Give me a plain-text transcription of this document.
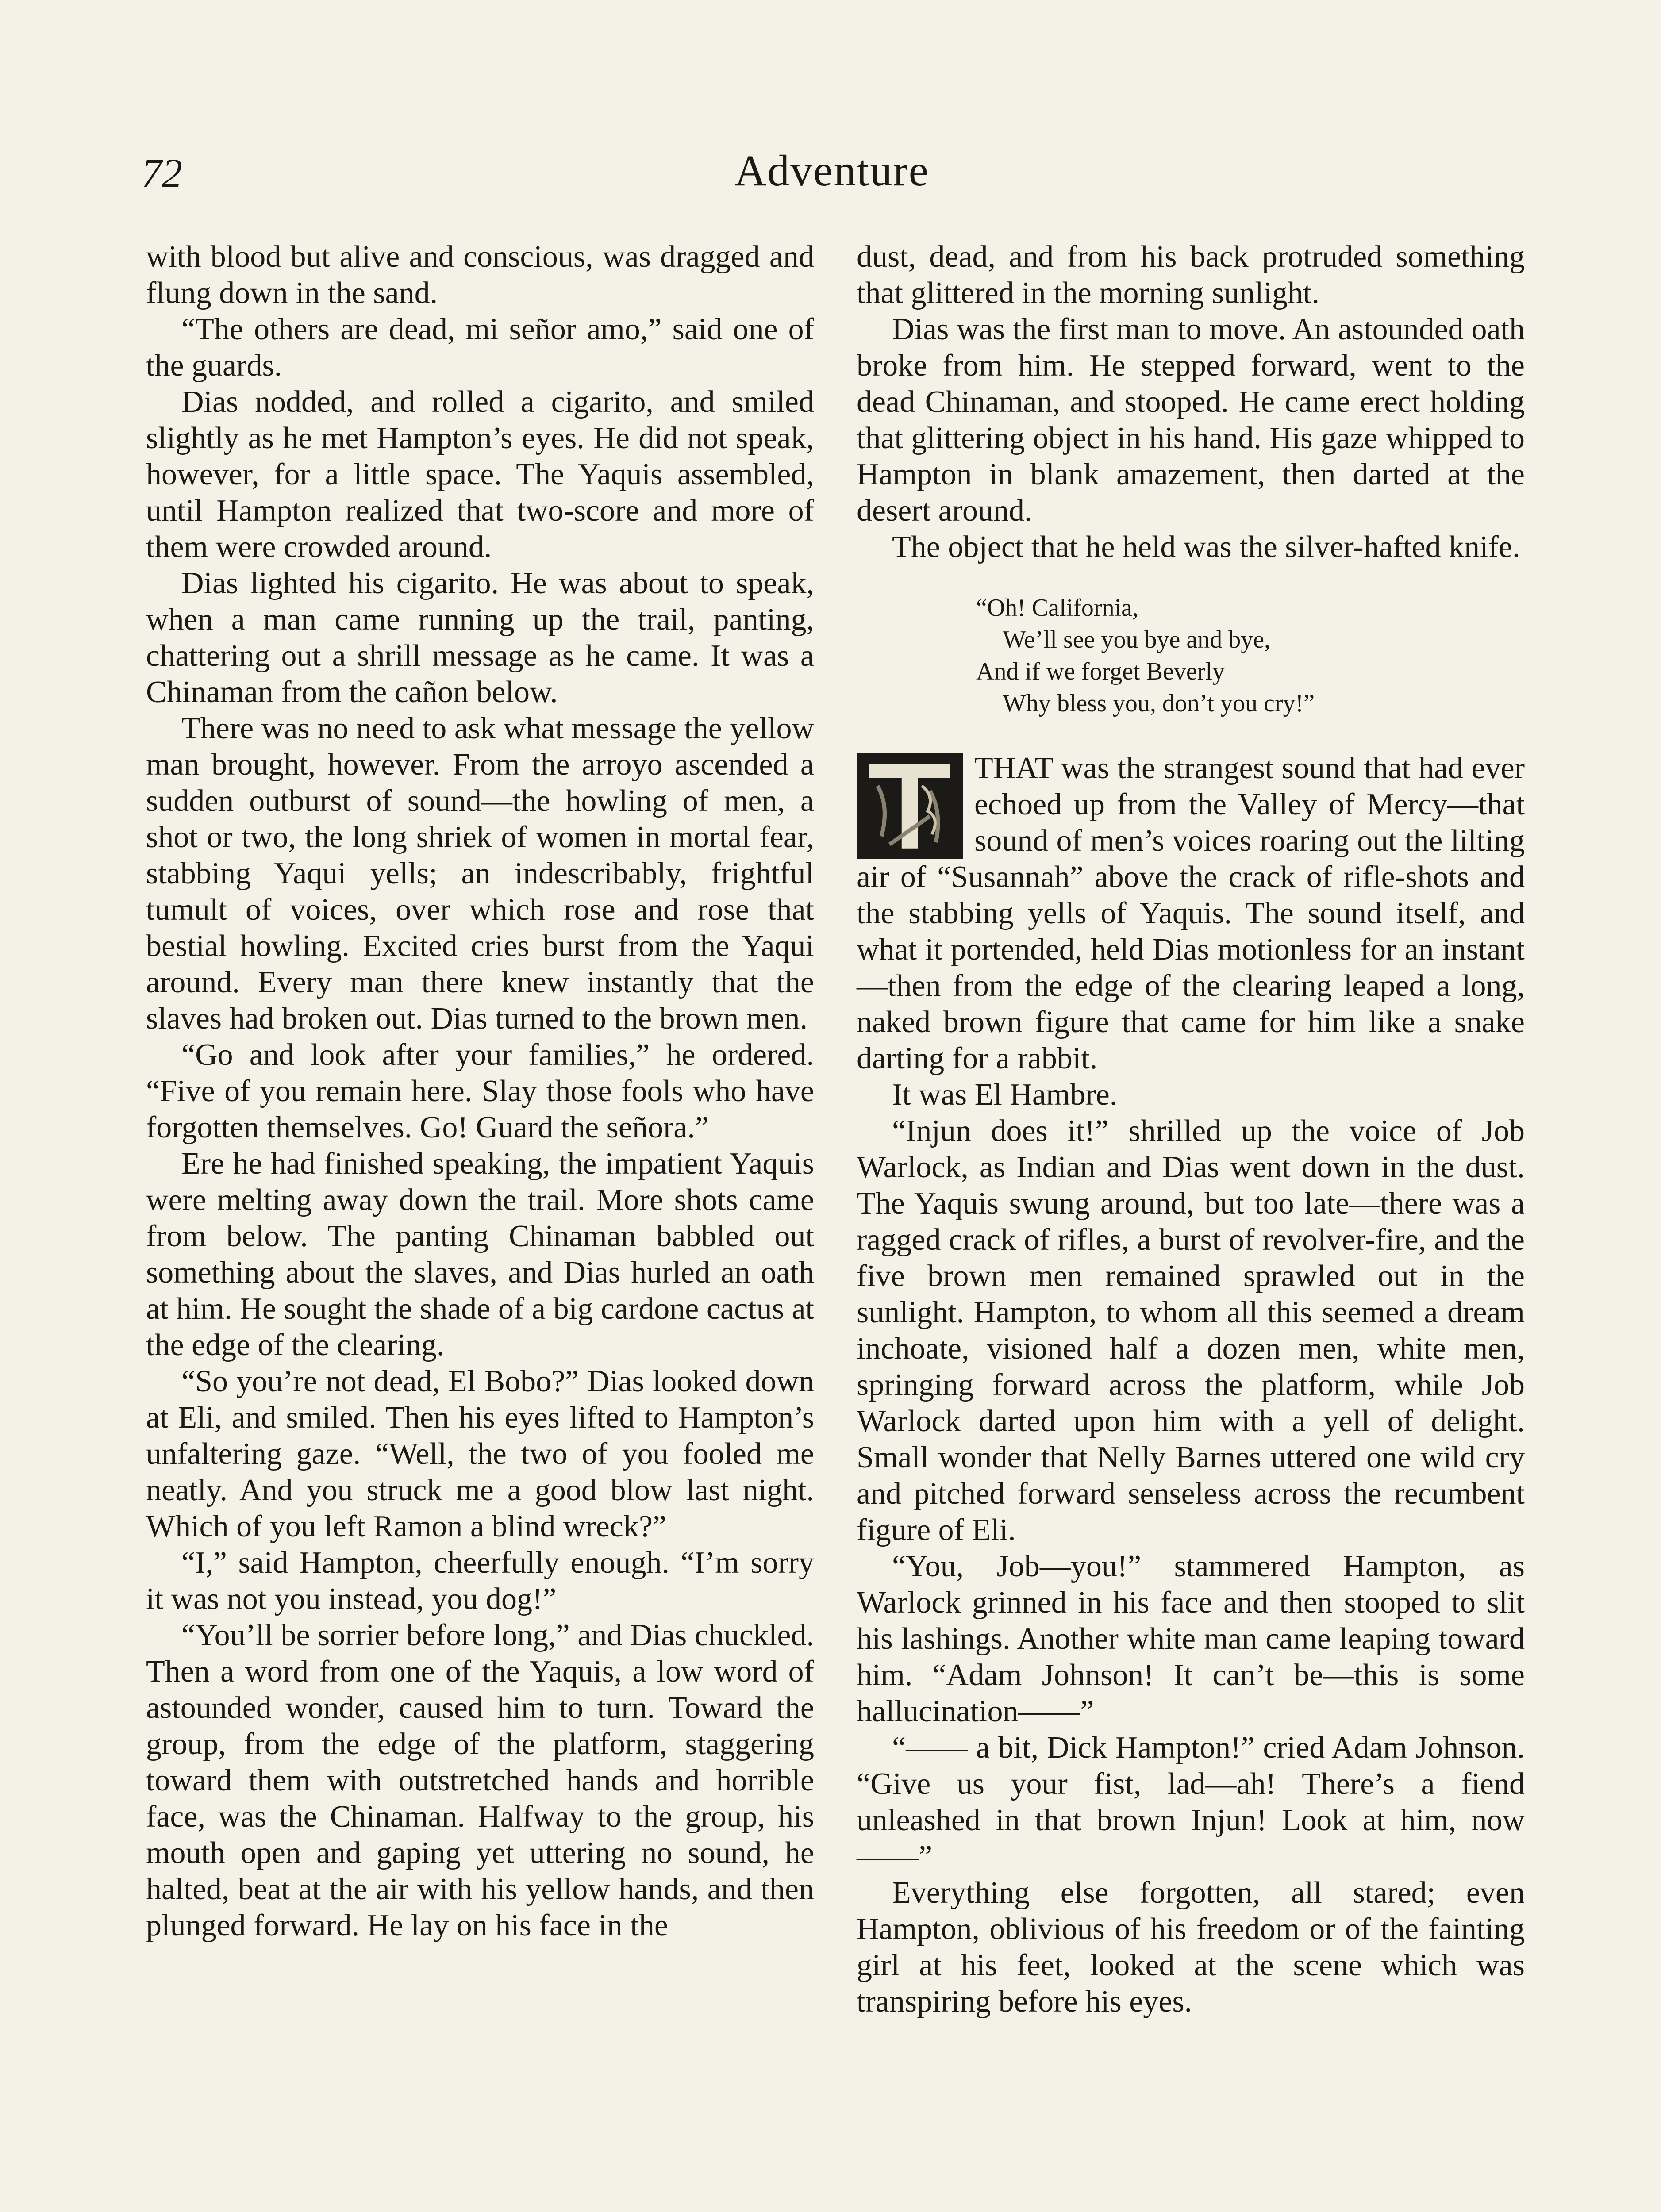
72	Adventure

with blood but alive and conscious, was dragged and flung down in the sand.

“The others are dead, mi señor amo,” said one of the guards.

Dias nodded, and rolled a cigarito, and smiled slightly as he met Hampton’s eyes. He did not speak, however, for a little space. The Yaquis assembled, until Hampton realized that two-score and more of them were crowded around.

Dias lighted his cigarito. He was about to speak, when a man came running up the trail, panting, chattering out a shrill message as he came. It was a Chinaman from the cañon below.

There was no need to ask what message the yellow man brought, however. From the arroyo ascended a sudden outburst of sound—the howling of men, a shot or two, the long shriek of women in mortal fear, stabbing Yaqui yells; an indescribably, frightful tumult of voices, over which rose and rose that bestial howling. Excited cries burst from the Yaqui around. Every man there knew instantly that the slaves had broken out. Dias turned to the brown men.

“Go and look after your families,” he ordered. “Five of you remain here. Slay those fools who have forgotten themselves. Go! Guard the señora.”

Ere he had finished speaking, the impatient Yaquis were melting away down the trail. More shots came from below. The panting Chinaman babbled out something about the slaves, and Dias hurled an oath at him. He sought the shade of a big cardone cactus at the edge of the clearing.

“So you’re not dead, El Bobo?” Dias looked down at Eli, and smiled. Then his eyes lifted to Hampton’s unfaltering gaze. “Well, the two of you fooled me neatly. And you struck me a good blow last night. Which of you left Ramon a blind wreck?”

“I,” said Hampton, cheerfully enough. “I’m sorry it was not you instead, you dog!”

“You’ll be sorrier before long,” and Dias chuckled. Then a word from one of the Yaquis, a low word of astounded wonder, caused him to turn. Toward the group, from the edge of the platform, staggering toward them with outstretched hands and horrible face, was the Chinaman. Halfway to the group, his mouth open and gaping yet uttering no sound, he halted, beat at the air with his yellow hands, and then plunged forward. He lay on his face in the

dust, dead, and from his back protruded something that glittered in the morning sunlight.

Dias was the first man to move. An astounded oath broke from him. He stepped forward, went to the dead Chinaman, and stooped. He came erect holding that glittering object in his hand. His gaze whipped to Hampton in blank amazement, then darted at the desert around.

The object that he held was the silver-hafted knife.

“Oh! California,
We’ll see you bye and bye,
And if we forget Beverly
Why bless you, don’t you cry!”

THAT was the strangest sound that had ever echoed up from the Valley of Mercy—that sound of men’s voices roaring out the lilting air of “Susannah” above the crack of rifle-shots and the stabbing yells of Yaquis. The sound itself, and what it portended, held Dias motionless for an instant—then from the edge of the clearing leaped a long, naked brown figure that came for him like a snake darting for a rabbit.

It was El Hambre.

“Injun does it!” shrilled up the voice of Job Warlock, as Indian and Dias went down in the dust. The Yaquis swung around, but too late—there was a ragged crack of rifles, a burst of revolver-fire, and the five brown men remained sprawled out in the sunlight. Hampton, to whom all this seemed a dream inchoate, visioned half a dozen men, white men, springing forward across the platform, while Job Warlock darted upon him with a yell of delight. Small wonder that Nelly Barnes uttered one wild cry and pitched forward senseless across the recumbent figure of Eli.

“You, Job—you!” stammered Hampton, as Warlock grinned in his face and then stooped to slit his lashings. Another white man came leaping toward him. “Adam Johnson! It can’t be—this is some hallucination——”

“—— a bit, Dick Hampton!” cried Adam Johnson. “Give us your fist, lad—ah! There’s a fiend unleashed in that brown Injun! Look at him, now——”

Everything else forgotten, all stared; even Hampton, oblivious of his freedom or of the fainting girl at his feet, looked at the scene which was transpiring before his eyes.
